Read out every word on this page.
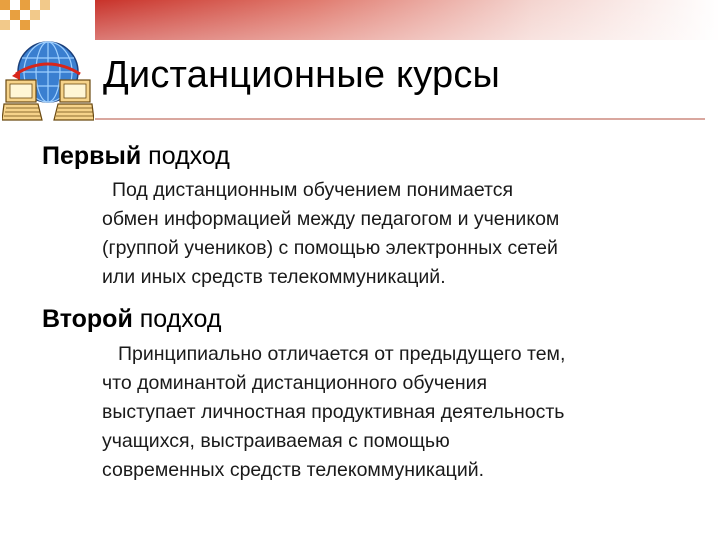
Дистанционные курсы
Первый подход
Под дистанционным обучением понимается
обмен информацией между педагогом и учеником
(группой учеников) с помощью электронных сетей
или иных средств телекоммуникаций.
Второй подход
Принципиально отличается от предыдущего тем,
что доминантой дистанционного обучения
выступает личностная продуктивная деятельность
учащихся, выстраиваемая с помощью
современных средств телекоммуникаций.
